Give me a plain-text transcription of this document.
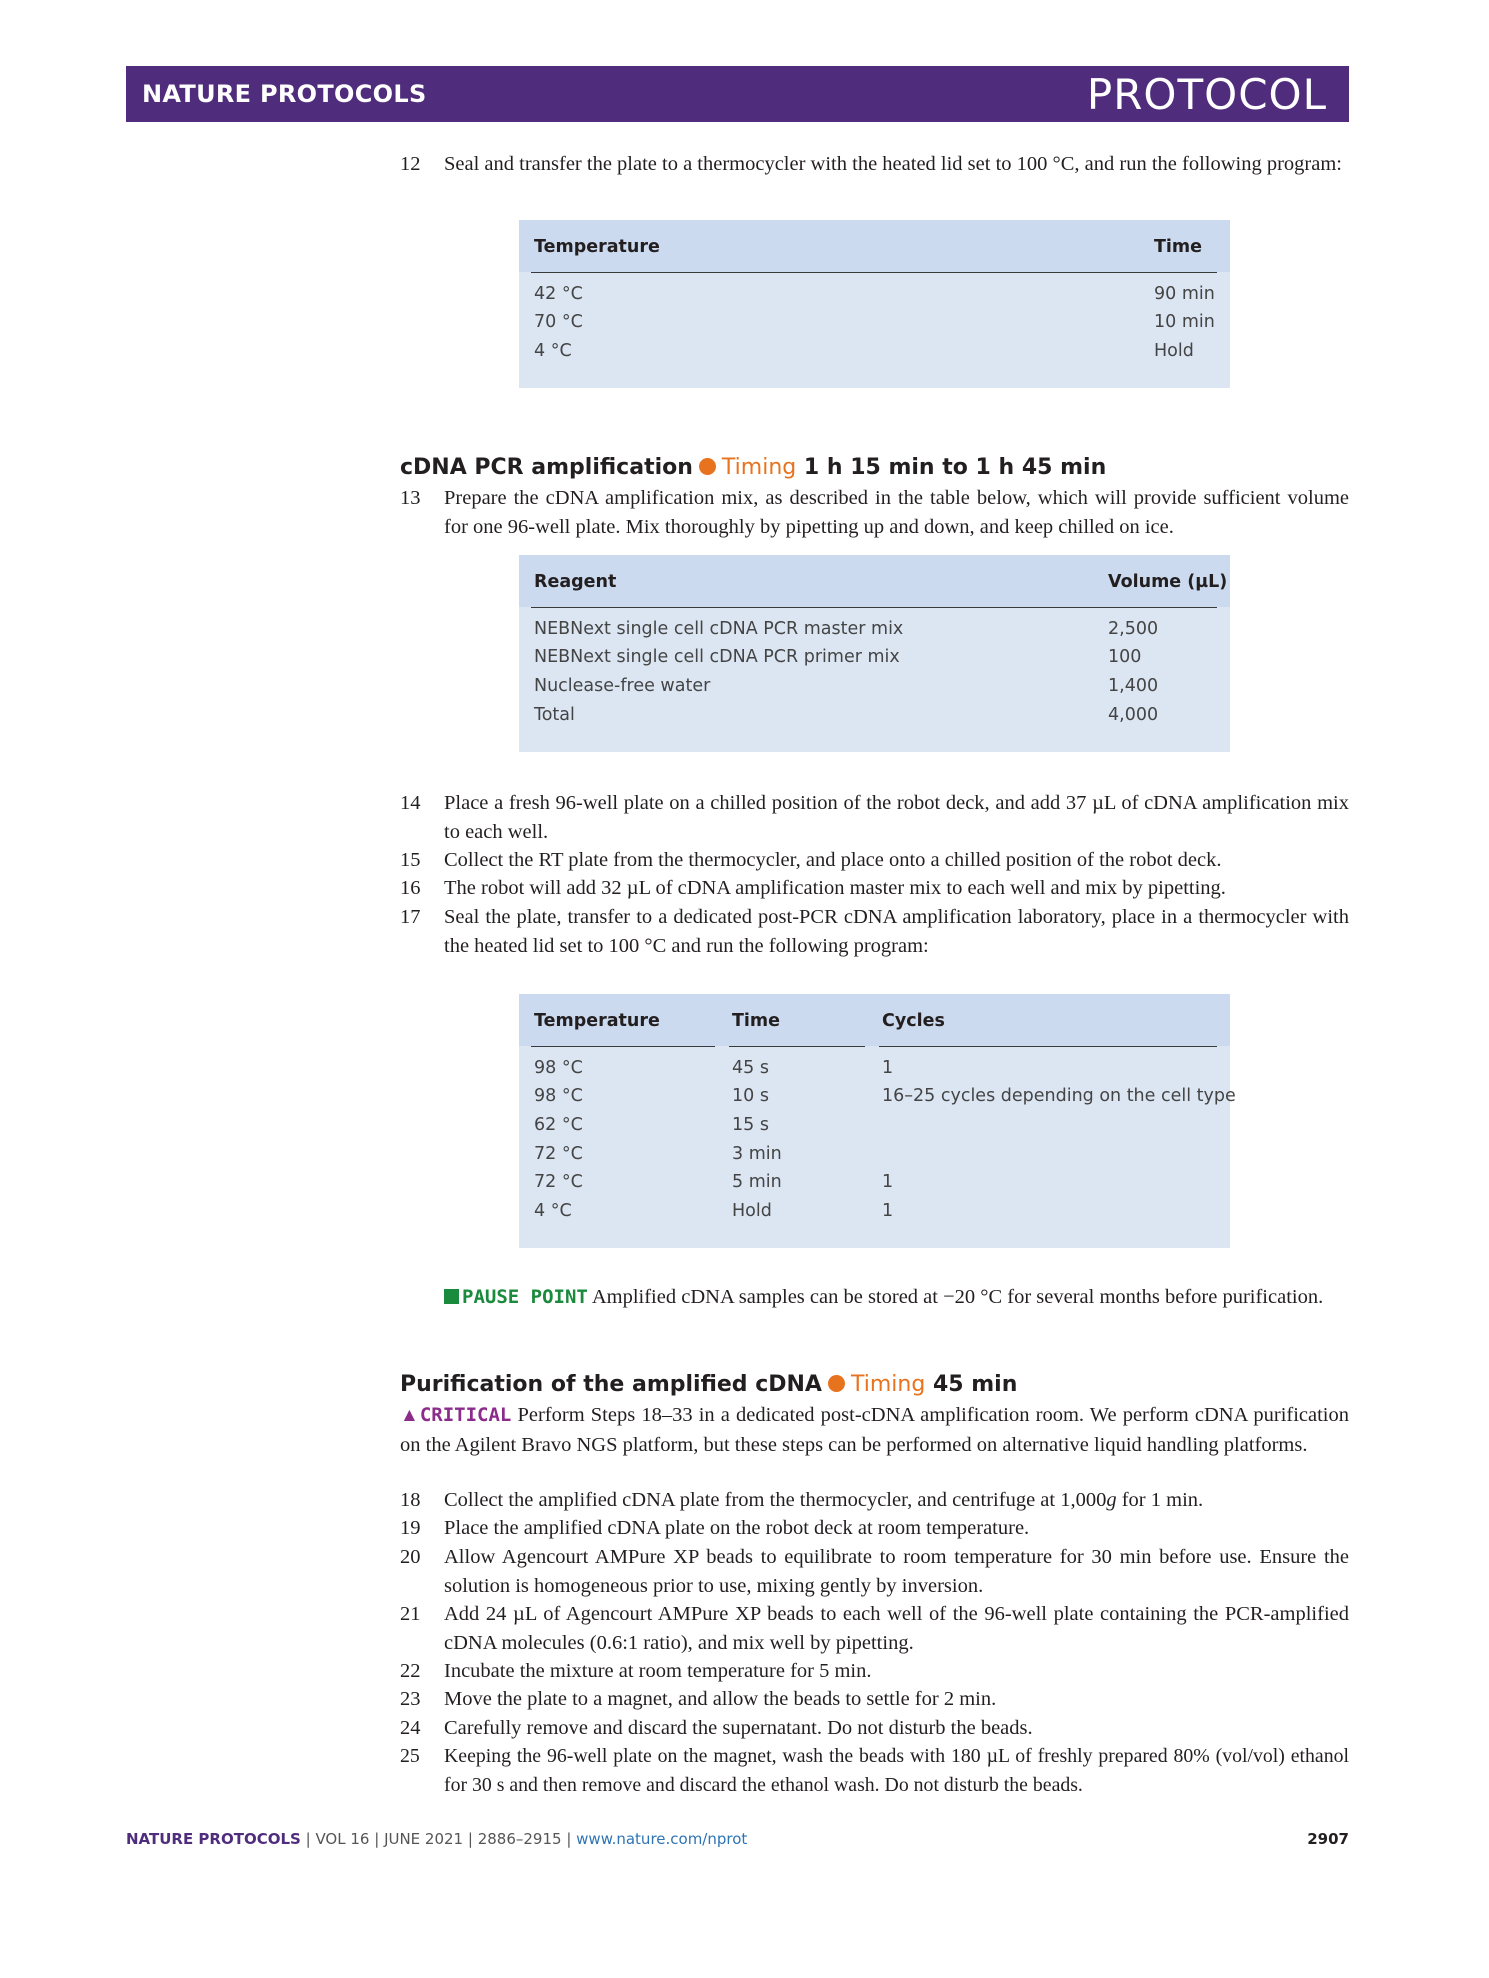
NATURE PROTOCOLS	PROTOCOL
12 Seal and transfer the plate to a thermocycler with the heated lid set to 100 °C, and run the following program:
Temperature	Time
42 °C	90 min
70 °C	10 min
4 °C	Hold
cDNA PCR amplification Timing 1 h 15 min to 1 h 45 min
13 Prepare the cDNA amplification mix, as described in the table below, which will provide sufficient volume for one 96-well plate. Mix thoroughly by pipetting up and down, and keep chilled on ice.
Reagent	Volume (µL)
NEBNext single cell cDNA PCR master mix	2,500
NEBNext single cell cDNA PCR primer mix	100
Nuclease-free water	1,400
Total	4,000
14 Place a fresh 96-well plate on a chilled position of the robot deck, and add 37 µL of cDNA amplification mix to each well.
15 Collect the RT plate from the thermocycler, and place onto a chilled position of the robot deck.
16 The robot will add 32 µL of cDNA amplification master mix to each well and mix by pipetting.
17 Seal the plate, transfer to a dedicated post-PCR cDNA amplification laboratory, place in a thermocycler with the heated lid set to 100 °C and run the following program:
Temperature	Time	Cycles
98 °C	45 s	1
98 °C	10 s	16–25 cycles depending on the cell type
62 °C	15 s
72 °C	3 min
72 °C	5 min	1
4 °C	Hold	1
PAUSE POINT Amplified cDNA samples can be stored at −20 °C for several months before purification.
Purification of the amplified cDNA Timing 45 min
▲CRITICAL Perform Steps 18–33 in a dedicated post-cDNA amplification room. We perform cDNA purification on the Agilent Bravo NGS platform, but these steps can be performed on alternative liquid handling platforms.
18 Collect the amplified cDNA plate from the thermocycler, and centrifuge at 1,000g for 1 min.
19 Place the amplified cDNA plate on the robot deck at room temperature.
20 Allow Agencourt AMPure XP beads to equilibrate to room temperature for 30 min before use. Ensure the solution is homogeneous prior to use, mixing gently by inversion.
21 Add 24 µL of Agencourt AMPure XP beads to each well of the 96-well plate containing the PCR-amplified cDNA molecules (0.6:1 ratio), and mix well by pipetting.
22 Incubate the mixture at room temperature for 5 min.
23 Move the plate to a magnet, and allow the beads to settle for 2 min.
24 Carefully remove and discard the supernatant. Do not disturb the beads.
25 Keeping the 96-well plate on the magnet, wash the beads with 180 µL of freshly prepared 80% (vol/vol) ethanol for 30 s and then remove and discard the ethanol wash. Do not disturb the beads.
NATURE PROTOCOLS | VOL 16 | JUNE 2021 | 2886–2915 | www.nature.com/nprot	2907
